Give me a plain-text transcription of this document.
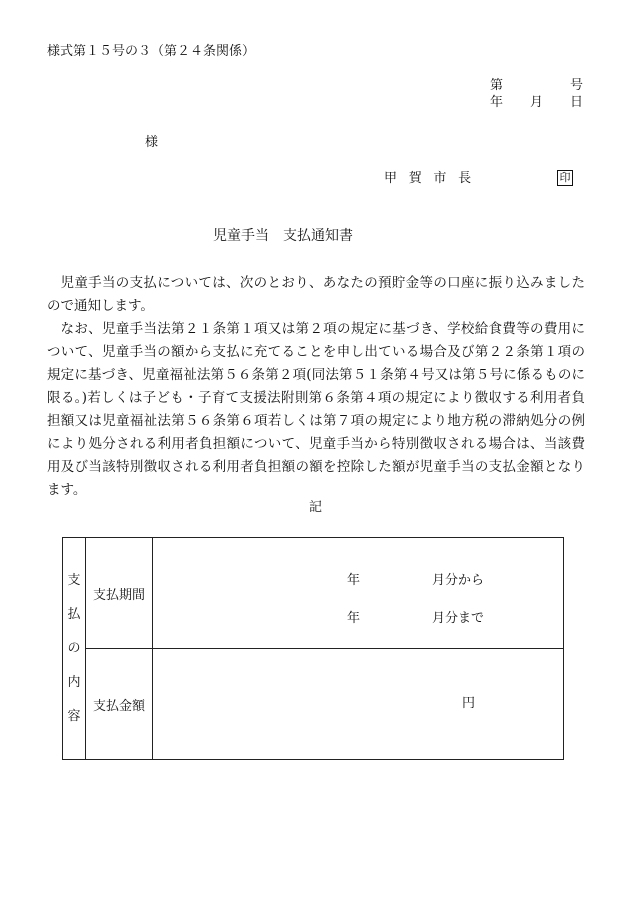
様式第１５号の３（第２４条関係）
第	号
年 月 日
様
甲賀市長	印
児童手当 支払通知書

児童手当の支払については、次のとおり、あなたの預貯金等の口座に振り込みましたので通知します。

なお、児童手当法第２１条第１項又は第２項の規定に基づき、学校給食費等の費用について、児童手当の額から支払に充てることを申し出ている場合及び第２２条第１項の規定に基づき、児童福祉法第５６条第２項(同法第５１条第４号又は第５号に係るものに限る。)若しくは子ども・子育て支援法附則第６条第４項の規定により徴収する利用者負担額又は児童福祉法第５６条第６項若しくは第７項の規定により地方税の滞納処分の例により処分される利用者負担額について、児童手当から特別徴収される場合は、当該費用及び当該特別徴収される利用者負担額の額を控除した額が児童手当の支払金額となります。

記
支
払
の
内
容	支払期間	年 月分から
年 月分まで

	支払金額	円
